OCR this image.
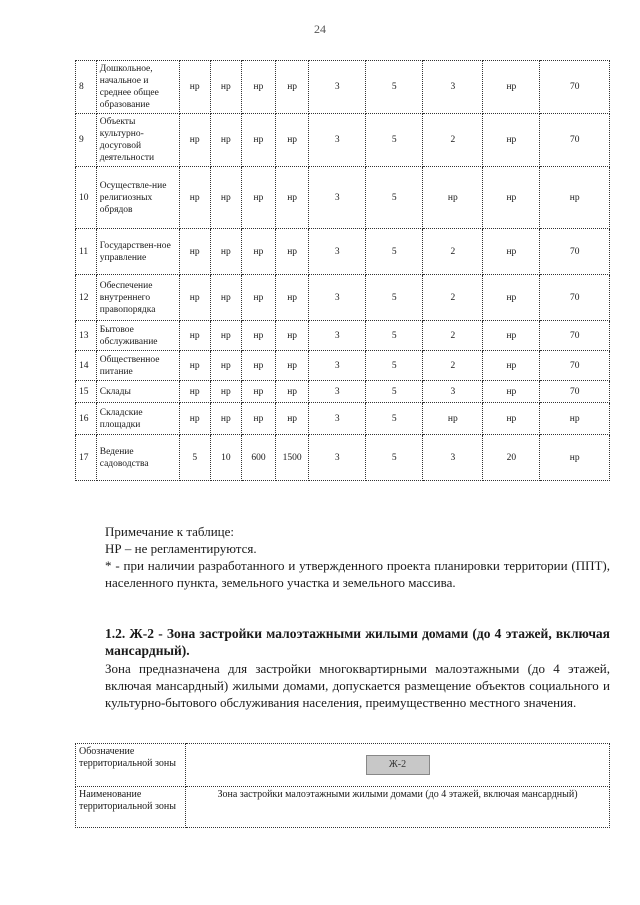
24
8	Дошкольное, начальное и среднее общее образование	нр	нр	нр	нр	3	5	3	нр	70
9	Объекты культурно-досуговой деятельности	нр	нр	нр	нр	3	5	2	нр	70
10	Осуществле-ние религиозных обрядов	нр	нр	нр	нр	3	5	нр	нр	нр
11	Государствен-ное управление	нр	нр	нр	нр	3	5	2	нр	70
12	Обеспечение внутреннего правопорядка	нр	нр	нр	нр	3	5	2	нр	70
13	Бытовое обслуживание	нр	нр	нр	нр	3	5	2	нр	70
14	Общественное питание	нр	нр	нр	нр	3	5	2	нр	70
15	Склады	нр	нр	нр	нр	3	5	3	нр	70
16	Складские площадки	нр	нр	нр	нр	3	5	нр	нр	нр
17	Ведение садоводства	5	10	600	1500	3	5	3	20	нр

Примечание к таблице:

НР – не регламентируются.

* - при наличии разработанного и утвержденного проекта планировки территории (ППТ), населенного пункта, земельного участка и земельного массива.

1.2. Ж-2 - Зона застройки малоэтажными жилыми домами (до 4 этажей, включая мансардный).
Зона предназначена для застройки многоквартирными малоэтажными (до 4 этажей, включая мансардный) жилыми домами, допускается размещение объектов социального и культурно-бытового обслуживания населения, преимущественно местного значения.
Обозначение территориальной зоны	Ж-2
Наименование территориальной зоны	Зона застройки малоэтажными жилыми домами (до 4 этажей, включая мансардный)
